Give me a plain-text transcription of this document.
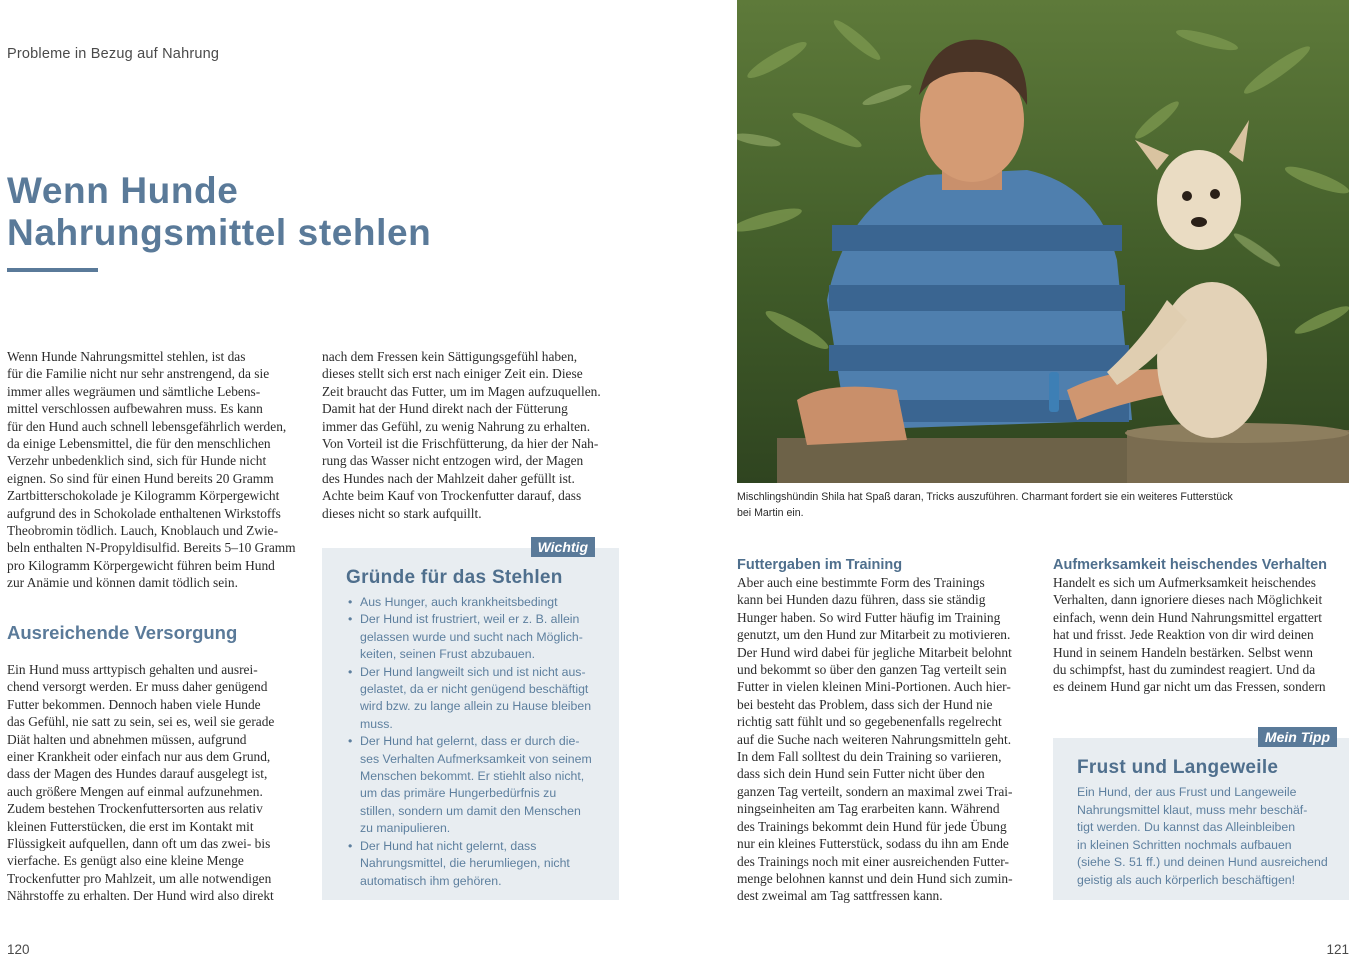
Probleme in Bezug auf Nahrung
Wenn Hunde
Nahrungsmittel stehlen

Wenn Hunde Nahrungsmittel stehlen, ist das
für die Familie nicht nur sehr anstrengend, da sie
immer alles wegräumen und sämtliche Lebens-
mittel verschlossen aufbewahren muss. Es kann
für den Hund auch schnell lebensgefährlich werden,
da einige Lebensmittel, die für den menschlichen
Verzehr unbedenklich sind, sich für Hunde nicht
eignen. So sind für einen Hund bereits 20 Gramm
Zartbitterschokolade je Kilogramm Körpergewicht
aufgrund des in Schokolade enthaltenen Wirkstoffs
Theobromin tödlich. Lauch, Knoblauch und Zwie-
beln enthalten N-Propyldisulfid. Bereits 5–10 Gramm
pro Kilogramm Körpergewicht führen beim Hund
zur Anämie und können damit tödlich sein.

Ausreichende Versorgung

Ein Hund muss arttypisch gehalten und ausrei-
chend versorgt werden. Er muss daher genügend
Futter bekommen. Dennoch haben viele Hunde
das Gefühl, nie satt zu sein, sei es, weil sie gerade
Diät halten und abnehmen müssen, aufgrund
einer Krankheit oder einfach nur aus dem Grund,
dass der Magen des Hundes darauf ausgelegt ist,
auch größere Mengen auf einmal aufzunehmen.
Zudem bestehen Trockenfuttersorten aus relativ
kleinen Futterstücken, die erst im Kontakt mit
Flüssigkeit aufquellen, dann oft um das zwei- bis
vierfache. Es genügt also eine kleine Menge
Trockenfutter pro Mahlzeit, um alle notwendigen
Nährstoffe zu erhalten. Der Hund wird also direkt

nach dem Fressen kein Sättigungsgefühl haben,
dieses stellt sich erst nach einiger Zeit ein. Diese
Zeit braucht das Futter, um im Magen aufzuquellen.
Damit hat der Hund direkt nach der Fütterung
immer das Gefühl, zu wenig Nahrung zu erhalten.
Von Vorteil ist die Frischfütterung, da hier der Nah-
rung das Wasser nicht entzogen wird, der Magen
des Hundes nach der Mahlzeit daher gefüllt ist.
Achte beim Kauf von Trockenfutter darauf, dass
dieses nicht so stark aufquillt.

Wichtig
Gründe für das Stehlen
• Aus Hunger, auch krankheitsbedingt
• Der Hund ist frustriert, weil er z. B. allein
gelassen wurde und sucht nach Möglich-
keiten, seinen Frust abzubauen.
• Der Hund langweilt sich und ist nicht aus-
gelastet, da er nicht genügend beschäftigt
wird bzw. zu lange allein zu Hause bleiben
muss.
• Der Hund hat gelernt, dass er durch die-
ses Verhalten Aufmerksamkeit von seinem
Menschen bekommt. Er stiehlt also nicht,
um das primäre Hungerbedürfnis zu
stillen, sondern um damit den Menschen
zu manipulieren.
• Der Hund hat nicht gelernt, dass
Nahrungsmittel, die herumliegen, nicht
automatisch ihm gehören.
120

Mischlingshündin Shila hat Spaß daran, Tricks auszuführen. Charmant fordert sie ein weiteres Futterstück
bei Martin ein.

Futtergaben im Training

Aber auch eine bestimmte Form des Trainings
kann bei Hunden dazu führen, dass sie ständig
Hunger haben. So wird Futter häufig im Training
genutzt, um den Hund zur Mitarbeit zu motivieren.
Der Hund wird dabei für jegliche Mitarbeit belohnt
und bekommt so über den ganzen Tag verteilt sein
Futter in vielen kleinen Mini-Portionen. Auch hier-
bei besteht das Problem, dass sich der Hund nie
richtig satt fühlt und so gegebenenfalls regelrecht
auf die Suche nach weiteren Nahrungsmitteln geht.
In dem Fall solltest du dein Training so variieren,
dass sich dein Hund sein Futter nicht über den
ganzen Tag verteilt, sondern an maximal zwei Trai-
ningseinheiten am Tag erarbeiten kann. Während
des Trainings bekommt dein Hund für jede Übung
nur ein kleines Futterstück, sodass du ihn am Ende
des Trainings noch mit einer ausreichenden Futter-
menge belohnen kannst und dein Hund sich zumin-
dest zweimal am Tag sattfressen kann.

Aufmerksamkeit heischendes Verhalten

Handelt es sich um Aufmerksamkeit heischendes
Verhalten, dann ignoriere dieses nach Möglichkeit
einfach, wenn dein Hund Nahrungsmittel ergattert
hat und frisst. Jede Reaktion von dir wird deinen
Hund in seinem Handeln bestärken. Selbst wenn
du schimpfst, hast du zumindest reagiert. Und da
es deinem Hund gar nicht um das Fressen, sondern

Mein Tipp
Frust und Langeweile

Ein Hund, der aus Frust und Langeweile
Nahrungsmittel klaut, muss mehr beschäf-
tigt werden. Du kannst das Alleinbleiben
in kleinen Schritten nochmals aufbauen
(siehe S. 51 ff.) und deinen Hund ausreichend
geistig als auch körperlich beschäftigen!

121
